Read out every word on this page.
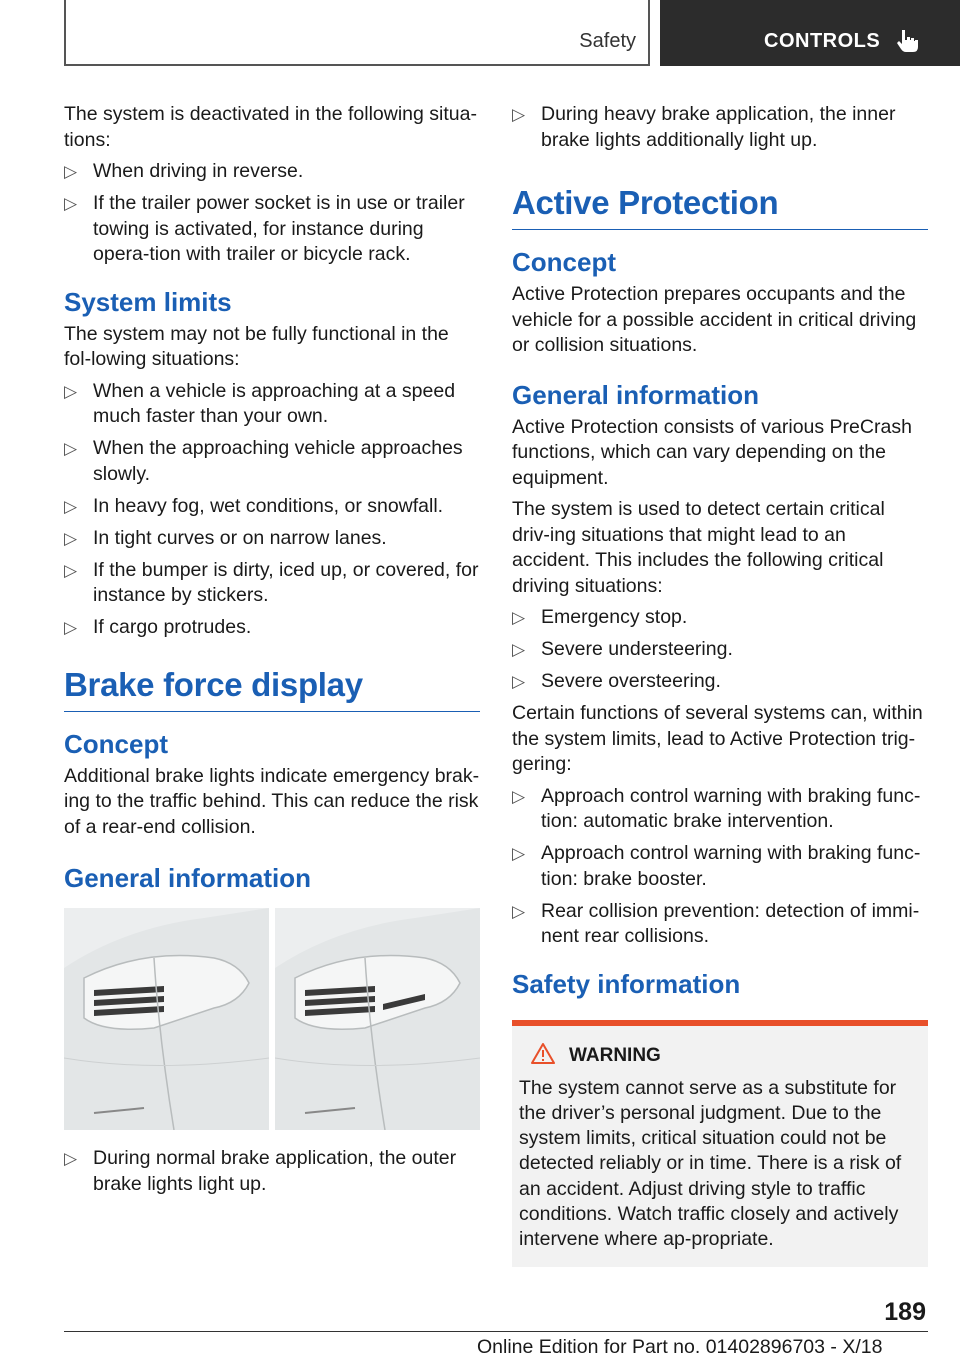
Safety	CONTROLS

The system is deactivated in the following situa-tions:

▷ When driving in reverse.
▷ If the trailer power socket is in use or trailer towing is activated, for instance during opera-tion with trailer or bicycle rack.
System limits

The system may not be fully functional in the fol-lowing situations:

▷ When a vehicle is approaching at a speed much faster than your own.
▷ When the approaching vehicle approaches slowly.
▷ In heavy fog, wet conditions, or snowfall.
▷ In tight curves or on narrow lanes.
▷ If the bumper is dirty, iced up, or covered, for instance by stickers.
▷ If cargo protrudes.
Brake force display
Concept

Additional brake lights indicate emergency brak-ing to the traffic behind. This can reduce the risk of a rear-end collision.

General information
▷ During normal brake application, the outer brake lights light up.
▷ During heavy brake application, the inner brake lights additionally light up.
Active Protection
Concept

Active Protection prepares occupants and the vehicle for a possible accident in critical driving or collision situations.

General information

Active Protection consists of various PreCrash functions, which can vary depending on the equipment.

The system is used to detect certain critical driv-ing situations that might lead to an accident. This includes the following critical driving situations:

▷ Emergency stop.
▷ Severe understeering.
▷ Severe oversteering.

Certain functions of several systems can, within the system limits, lead to Active Protection trig-gering:

▷ Approach control warning with braking func-tion: automatic brake intervention.
▷ Approach control warning with braking func-tion: brake booster.
▷ Rear collision prevention: detection of immi-nent rear collisions.
Safety information
WARNING

The system cannot serve as a substitute for the driver’s personal judgment. Due to the system limits, critical situation could not be detected reliably or in time. There is a risk of an accident. Adjust driving style to traffic conditions. Watch traffic closely and actively intervene where ap-propriate.

189
Online Edition for Part no. 01402896703 - X/18
